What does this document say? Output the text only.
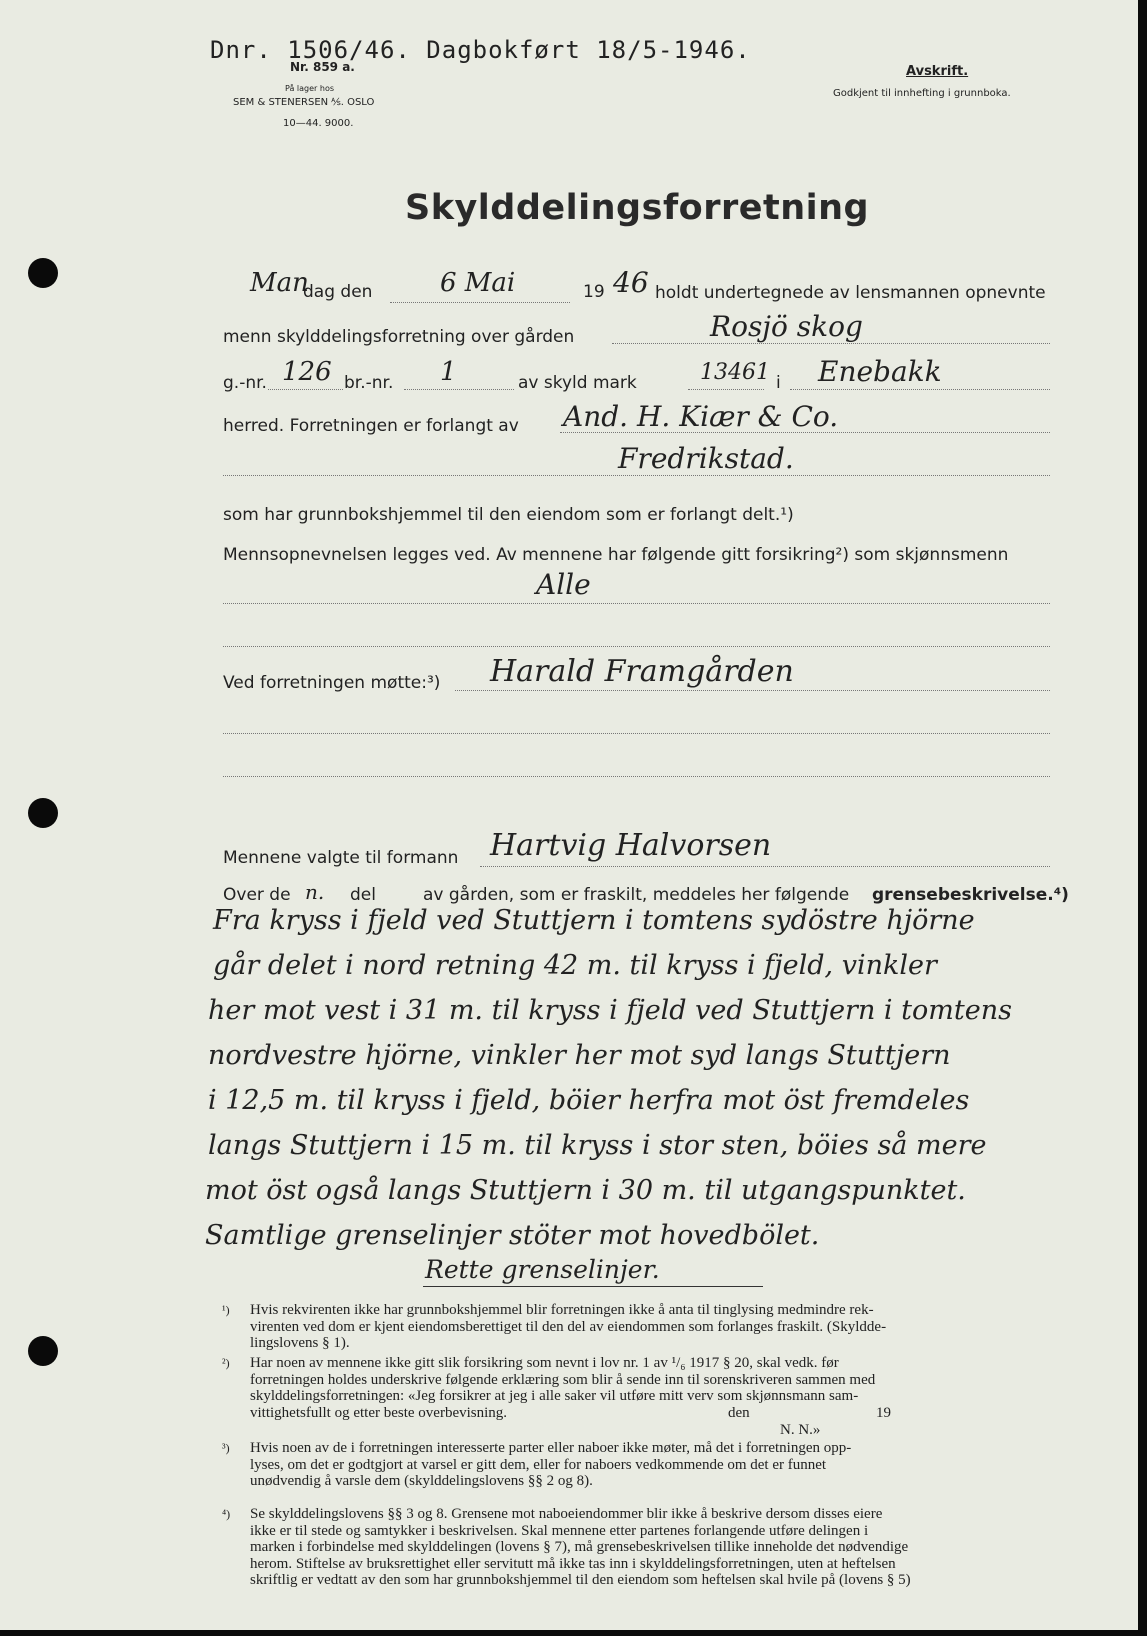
Dnr. 1506/46. Dagbokført 18/5-1946.
Nr. 859 a.
På lager hos
SEM & STENERSEN ⅍. OSLO
10—44. 9000.
Avskrift.
Godkjent til innhefting i grunnboka.
Skylddelingsforretning
Man
dag den	6 Mai	19 46 holdt undertegnede av lensmannen opnevnte
menn skylddelingsforretning over gården	Rosjö skog
g.-nr. 126 br.-nr. 1	av skyld mark	13461 i Enebakk
herred. Forretningen er forlangt av And. H. Kiær & Co.
Fredrikstad.
som har grunnbokshjemmel til den eiendom som er forlangt delt.¹)
Mennsopnevnelsen legges ved. Av mennene har følgende gitt forsikring²) som skjønnsmenn
Alle
Ved forretningen møtte:³) Harald Framgården
Mennene valgte til formann Hartvig Halvorsen
Over de n. del	av gården, som er fraskilt, meddeles her følgende grensebeskrivelse.⁴)
Fra kryss i fjeld ved Stuttjern i tomtens sydöstre hjörne
går delet i nord retning 42 m. til kryss i fjeld, vinkler
her mot vest i 31 m. til kryss i fjeld ved Stuttjern i tomtens
nordvestre hjörne, vinkler her mot syd langs Stuttjern
i 12,5 m. til kryss i fjeld, böier herfra mot öst fremdeles
langs Stuttjern i 15 m. til kryss i stor sten, böies så mere
mot öst også langs Stuttjern i 30 m. til utgangspunktet.
Samtlige grenselinjer stöter mot hovedbölet.
Rette grenselinjer.
¹) Hvis rekvirenten ikke har grunnbokshjemmel blir forretningen ikke å anta til tinglysing medmindre rek-
virenten ved dom er kjent eiendomsberettiget til den del av eiendommen som forlanges fraskilt. (Skyldde-
lingslovens § 1).
²) Har noen av mennene ikke gitt slik forsikring som nevnt i lov nr. 1 av ¹/₆ 1917 § 20, skal vedk. før
forretningen holdes underskrive følgende erklæring som blir å sende inn til sorenskriveren sammen med
skylddelingsforretningen: «Jeg forsikrer at jeg i alle saker vil utføre mitt verv som skjønnsmann sam-
vittighetsfullt og etter beste overbevisning.	den	19
N. N.»
³) Hvis noen av de i forretningen interesserte parter eller naboer ikke møter, må det i forretningen opp-
lyses, om det er godtgjort at varsel er gitt dem, eller for naboers vedkommende om det er funnet
unødvendig å varsle dem (skylddelingslovens §§ 2 og 8).
⁴) Se skylddelingslovens §§ 3 og 8. Grensene mot naboeiendommer blir ikke å beskrive dersom disses eiere
ikke er til stede og samtykker i beskrivelsen. Skal mennene etter partenes forlangende utføre delingen i
marken i forbindelse med skylddelingen (lovens § 7), må grensebeskrivelsen tillike inneholde det nødvendige
herom. Stiftelse av bruksrettighet eller servitutt må ikke tas inn i skylddelingsforretningen, uten at heftelsen
skriftlig er vedtatt av den som har grunnbokshjemmel til den eiendom som heftelsen skal hvile på (lovens § 5)
